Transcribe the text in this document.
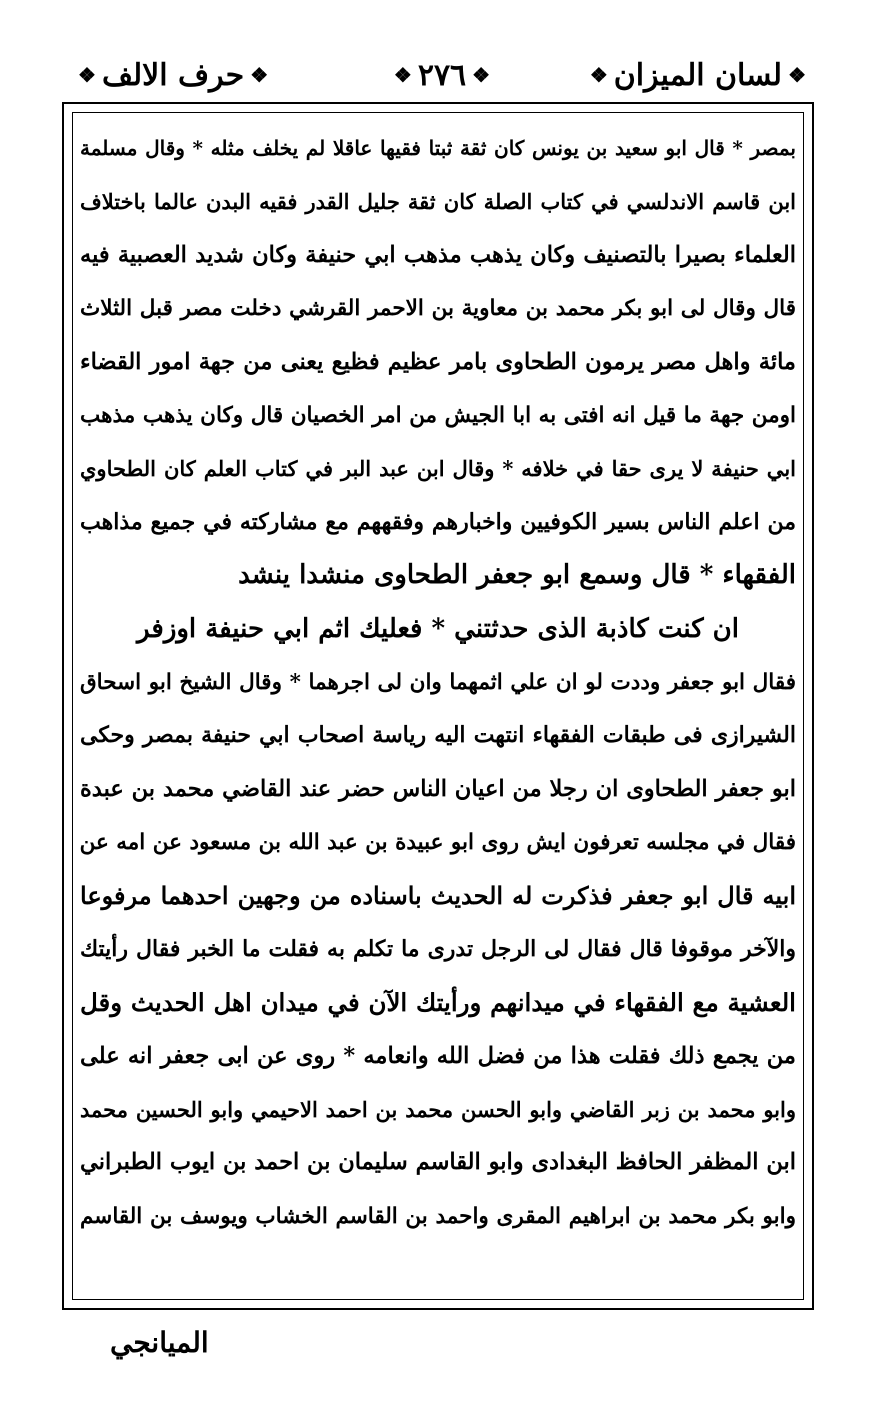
❖
لسان الميزان
❖
❖
٢٧٦
❖
❖
حرف الالف
❖
بمصر * قال ابو سعيد بن يونس كان ثقة ثبتا فقيها عاقلا لم يخلف مثله * وقال مسلمة
ابن قاسم الاندلسي في كتاب الصلة كان ثقة جليل القدر فقيه البدن عالما باختلاف
العلماء بصيرا بالتصنيف وكان يذهب مذهب ابي حنيفة وكان شديد العصبية فيه
قال وقال لى ابو بكر محمد بن معاوية بن الاحمر القرشي دخلت مصر قبل الثلاث
مائة واهل مصر يرمون الطحاوى بامر عظيم فظيع يعنى من جهة امور القضاء
اومن جهة ما قيل انه افتى به ابا الجيش من امر الخصيان قال وكان يذهب مذهب
ابي حنيفة لا يرى حقا في خلافه * وقال ابن عبد البر في كتاب العلم كان الطحاوي
من اعلم الناس بسير الكوفيين واخبارهم وفقههم مع مشاركته في جميع مذاهب
الفقهاء * قال وسمع ابو جعفر الطحاوى منشدا ينشد
ان كنت كاذبة الذى حدثتني * فعليك اثم ابي حنيفة اوزفر
فقال ابو جعفر وددت لو ان علي اثمهما وان لى اجرهما * وقال الشيخ ابو اسحاق
الشيرازى فى طبقات الفقهاء انتهت اليه رياسة اصحاب ابي حنيفة بمصر وحكى
ابو جعفر الطحاوى ان رجلا من اعيان الناس حضر عند القاضي محمد بن عبدة
فقال في مجلسه تعرفون ايش روى ابو عبيدة بن عبد الله بن مسعود عن امه عن
ابيه قال ابو جعفر فذكرت له الحديث باسناده من وجهين احدهما مرفوعا
والآخر موقوفا قال فقال لى الرجل تدرى ما تكلم به فقلت ما الخبر فقال رأيتك
العشية مع الفقهاء في ميدانهم ورأيتك الآن في ميدان اهل الحديث وقل
من يجمع ذلك فقلت هذا من فضل الله وانعامه * روى عن ابى جعفر انه على
وابو محمد بن زبر القاضي وابو الحسن محمد بن احمد الاحيمي وابو الحسين محمد
ابن المظفر الحافظ البغدادى وابو القاسم سليمان بن احمد بن ايوب الطبراني
وابو بكر محمد بن ابراهيم المقرى واحمد بن القاسم الخشاب ويوسف بن القاسم
الميانجي
